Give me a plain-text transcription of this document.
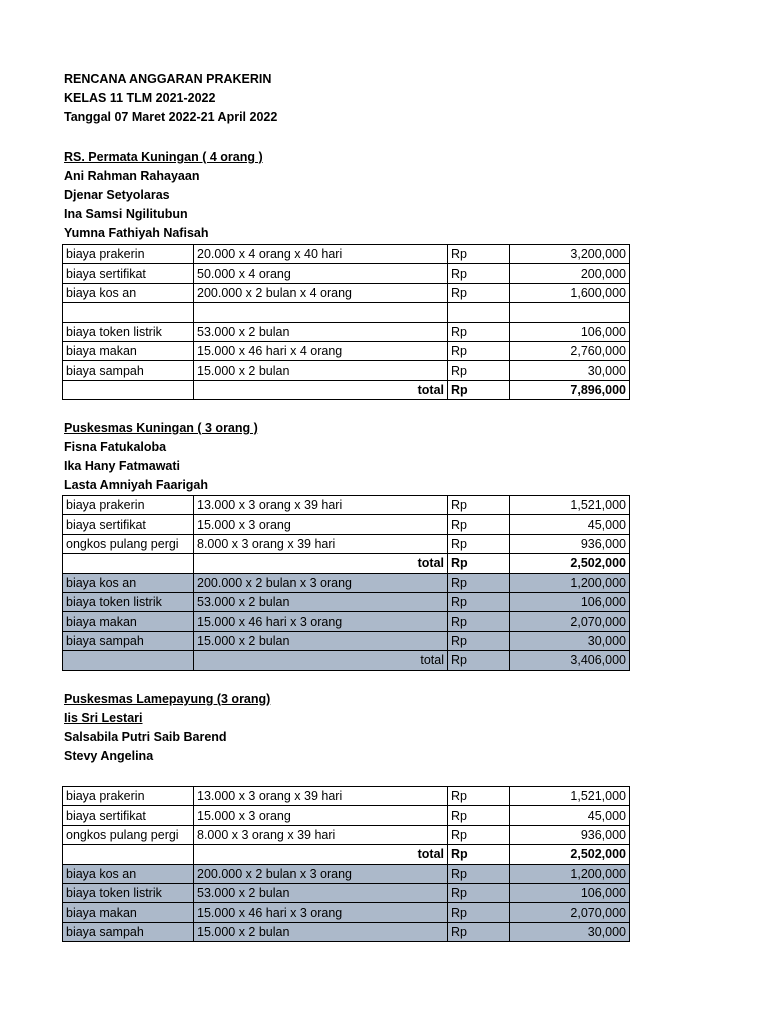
RENCANA ANGGARAN PRAKERIN
KELAS 11 TLM 2021-2022
Tanggal 07 Maret 2022-21 April 2022
RS. Permata Kuningan ( 4 orang )
Ani Rahman Rahayaan
Djenar Setyolaras
Ina Samsi Ngilitubun
Yumna Fathiyah Nafisah
biaya prakerin	20.000 x 4 orang x 40 hari	Rp	3,200,000
biaya sertifikat	50.000 x 4 orang	Rp	200,000
biaya kos an	200.000 x 2 bulan x 4 orang	Rp	1,600,000

biaya token listrik	53.000 x 2 bulan	Rp	106,000
biaya makan	15.000 x 46 hari x 4 orang	Rp	2,760,000
biaya sampah	15.000 x 2 bulan	Rp	30,000
	total	Rp	7,896,000
Puskesmas Kuningan ( 3 orang )
Fisna Fatukaloba
Ika Hany Fatmawati
Lasta Amniyah Faarigah
biaya prakerin	13.000 x 3 orang x 39 hari	Rp	1,521,000
biaya sertifikat	15.000 x 3 orang	Rp	45,000
ongkos pulang pergi	8.000 x 3 orang x 39 hari	Rp	936,000
	total	Rp	2,502,000
biaya kos an	200.000 x 2 bulan x 3 orang	Rp	1,200,000
biaya token listrik	53.000 x 2 bulan	Rp	106,000
biaya makan	15.000 x 46 hari x 3 orang	Rp	2,070,000
biaya sampah	15.000 x 2 bulan	Rp	30,000
	total	Rp	3,406,000
Puskesmas Lamepayung (3 orang)
Iis Sri Lestari
Salsabila Putri Saib Barend
Stevy Angelina
biaya prakerin	13.000 x 3 orang x 39 hari	Rp	1,521,000
biaya sertifikat	15.000 x 3 orang	Rp	45,000
ongkos pulang pergi	8.000 x 3 orang x 39 hari	Rp	936,000
	total	Rp	2,502,000
biaya kos an	200.000 x 2 bulan x 3 orang	Rp	1,200,000
biaya token listrik	53.000 x 2 bulan	Rp	106,000
biaya makan	15.000 x 46 hari x 3 orang	Rp	2,070,000
biaya sampah	15.000 x 2 bulan	Rp	30,000
